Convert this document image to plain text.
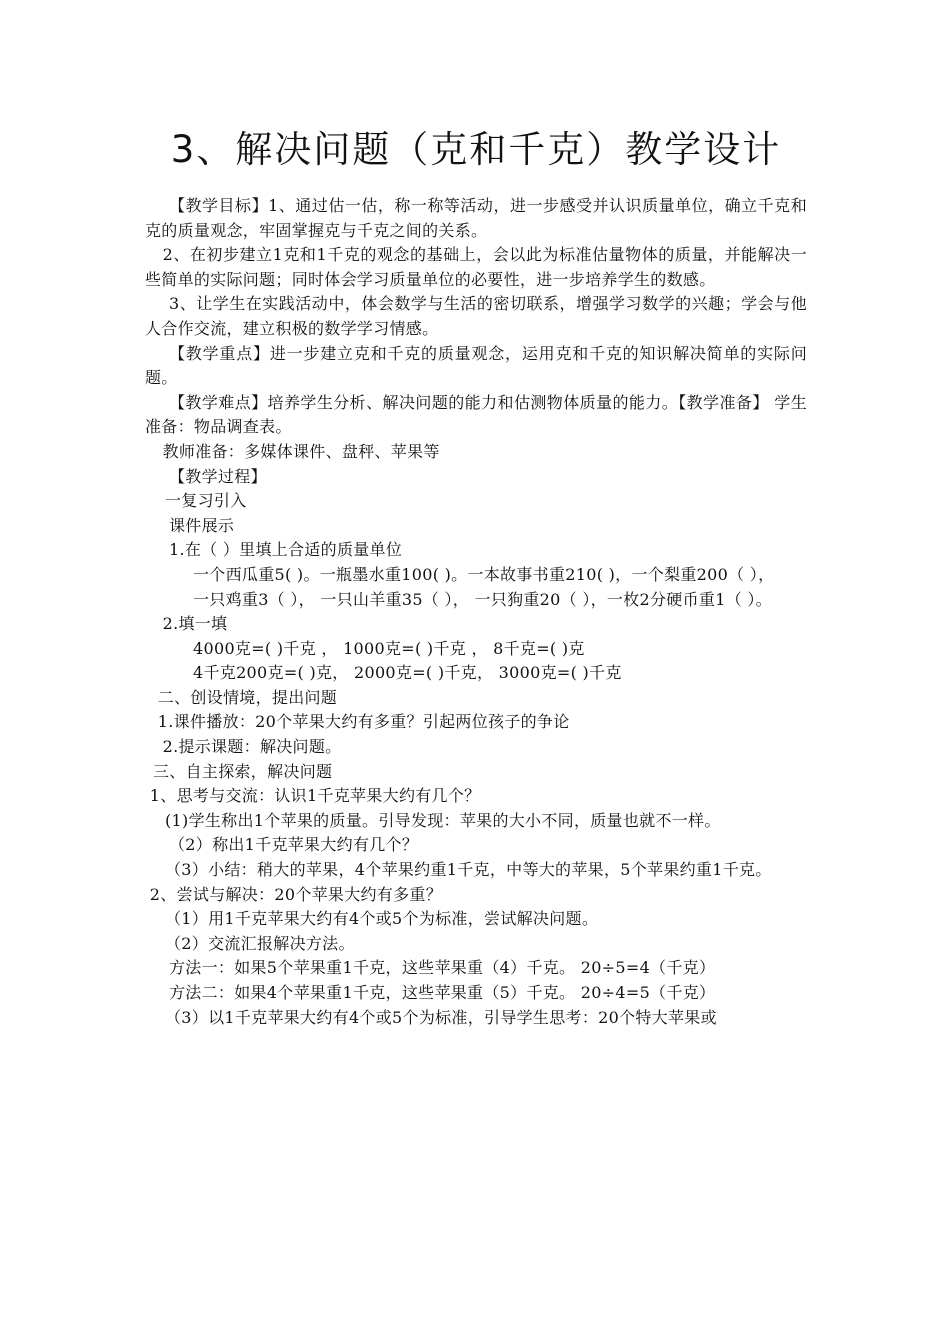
3、解决问题（克和千克）教学设计

【教学目标】1、通过估一估，称一称等活动，进一步感受并认识质量单位，确立千克和克的质量观念，牢固掌握克与千克之间的关系。

2、在初步建立1克和1千克的观念的基础上，会以此为标准估量物体的质量，并能解决一些简单的实际问题；同时体会学习质量单位的必要性，进一步培养学生的数感。

3、让学生在实践活动中，体会数学与生活的密切联系，增强学习数学的兴趣；学会与他人合作交流，建立积极的数学学习情感。

【教学重点】进一步建立克和千克的质量观念，运用克和千克的知识解决简单的实际问题。

【教学难点】培养学生分析、解决问题的能力和估测物体质量的能力。【教学准备】 学生准备：物品调查表。

教师准备：多媒体课件、盘秤、苹果等

【教学过程】

一复习引入

课件展示

1.在（ ）里填上合适的质量单位

一个西瓜重5( )。一瓶墨水重100( )。一本故事书重210( )，一个梨重200（ ），

一只鸡重3（ ）， 一只山羊重35（ ）， 一只狗重20（ ），一枚2分硬币重1（ ）。

2.填一填

4000克=( )千克 ， 1000克=( )千克 ， 8千克=( )克

4千克200克=( )克， 2000克=( )千克， 3000克=( )千克

二、创设情境，提出问题

1.课件播放：20个苹果大约有多重？引起两位孩子的争论

2.提示课题：解决问题。

三、自主探索，解决问题

1、思考与交流：认识1千克苹果大约有几个？

(1)学生称出1个苹果的质量。引导发现：苹果的大小不同，质量也就不一样。

（2）称出1千克苹果大约有几个？

（3）小结：稍大的苹果，4个苹果约重1千克，中等大的苹果，5个苹果约重1千克。

2、尝试与解决：20个苹果大约有多重？

（1）用1千克苹果大约有4个或5个为标准，尝试解决问题。

（2）交流汇报解决方法。

方法一：如果5个苹果重1千克，这些苹果重（4）千克。 20÷5=4（千克）

方法二：如果4个苹果重1千克，这些苹果重（5）千克。 20÷4=5（千克）

（3）以1千克苹果大约有4个或5个为标准，引导学生思考：20个特大苹果或
